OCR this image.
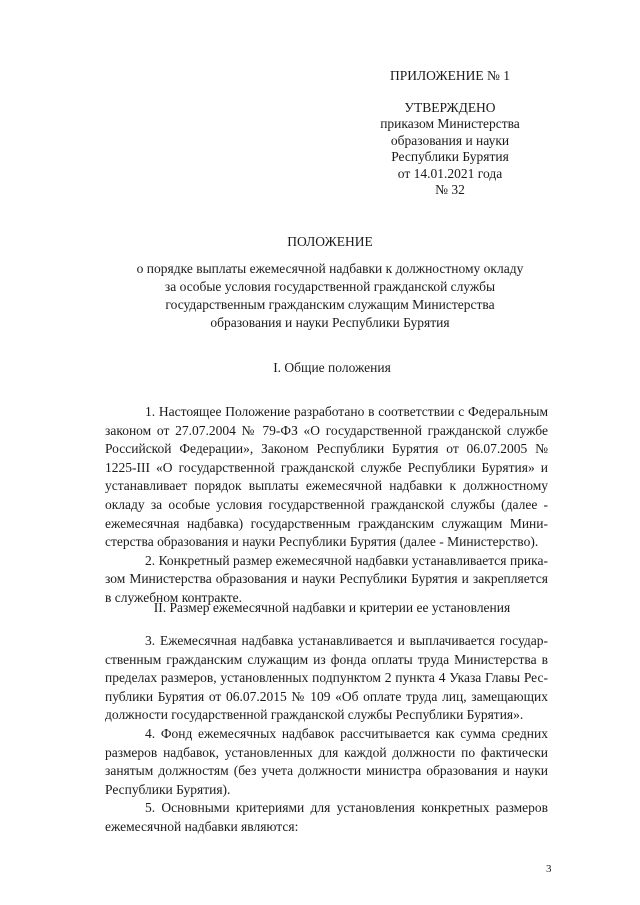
ПРИЛОЖЕНИЕ № 1
УТВЕРЖДЕНО
приказом Министерства
образования и науки
Республики Бурятия
от 14.01.2021 года
№ 32
ПОЛОЖЕНИЕ
о порядке выплаты ежемесячной надбавки к должностному окладу
за особые условия государственной гражданской службы
государственным гражданским служащим Министерства
образования и науки Республики Бурятия
I. Общие положения

1. Настоящее Положение разработано в соответствии с Федеральным

законом от 27.07.2004 № 79-ФЗ «О государственной гражданской службе

Российской Федерации», Законом Республики Бурятия от 06.07.2005 №

1225-III «О государственной гражданской службе Республики Бурятия» и

устанавливает порядок выплаты ежемесячной надбавки к должностному

окладу за особые условия государственной гражданской службы (далее -

ежемесячная надбавка) государственным гражданским служащим Мини-

стерства образования и науки Республики Бурятия (далее - Министерство).

2. Конкретный размер ежемесячной надбавки устанавливается прика-

зом Министерства образования и науки Республики Бурятия и закрепляется

в служебном контракте.

II. Размер ежемесячной надбавки и критерии ее установления

3. Ежемесячная надбавка устанавливается и выплачивается государ-

ственным гражданским служащим из фонда оплаты труда Министерства в

пределах размеров, установленных подпунктом 2 пункта 4 Указа Главы Рес-

публики Бурятия от 06.07.2015 № 109 «Об оплате труда лиц, замещающих

должности государственной гражданской службы Республики Бурятия».

4. Фонд ежемесячных надбавок рассчитывается как сумма средних

размеров надбавок, установленных для каждой должности по фактически

занятым должностям (без учета должности министра образования и науки

Республики Бурятия).

5. Основными критериями для установления конкретных размеров

ежемесячной надбавки являются:

3
